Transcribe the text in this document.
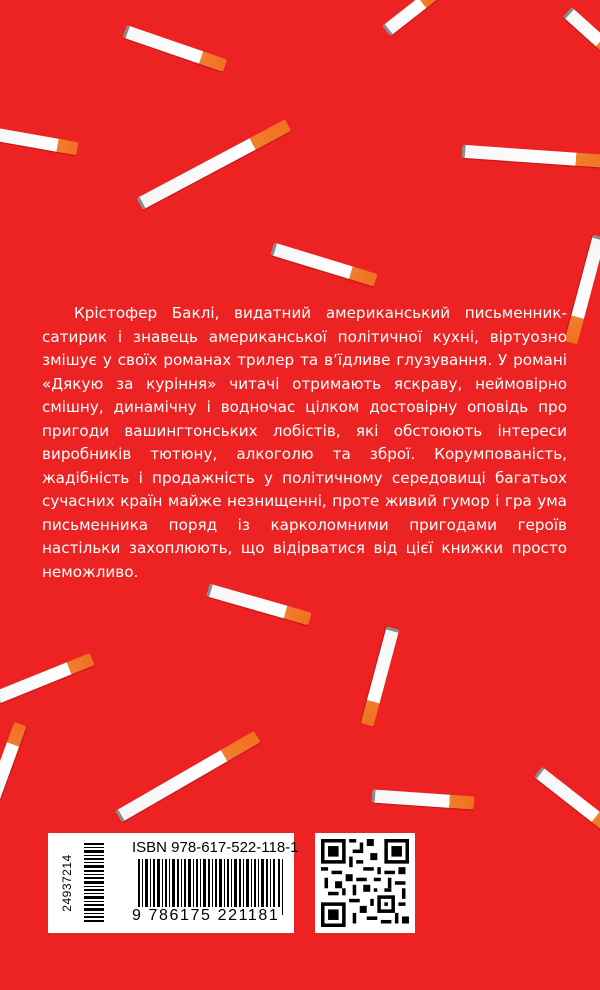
Крістофер Баклі, видатний американський письменник-сатирик і знавець американської політичної кухні, віртуозно змішує у своїх романах трилер та в’їдливе глузування. У романі «Дякую за куріння» читачі отримають яскраву, неймовірно смішну, динамічну і водночас цілком достовірну оповідь про пригоди вашингтонських лобістів, які обстоюють інтереси виробників тютюну, алкоголю та зброї. Корумпованість, жадібність і продажність у політичному середовищі багатьох сучасних країн майже незнищенні, проте живий гумор і гра ума письменника поряд із карколомними пригодами героїв настільки захоплюють, що відірватися від цієї книжки просто неможливо.

24937214
ISBN 978-617-522-118-1
9 786175 221181
